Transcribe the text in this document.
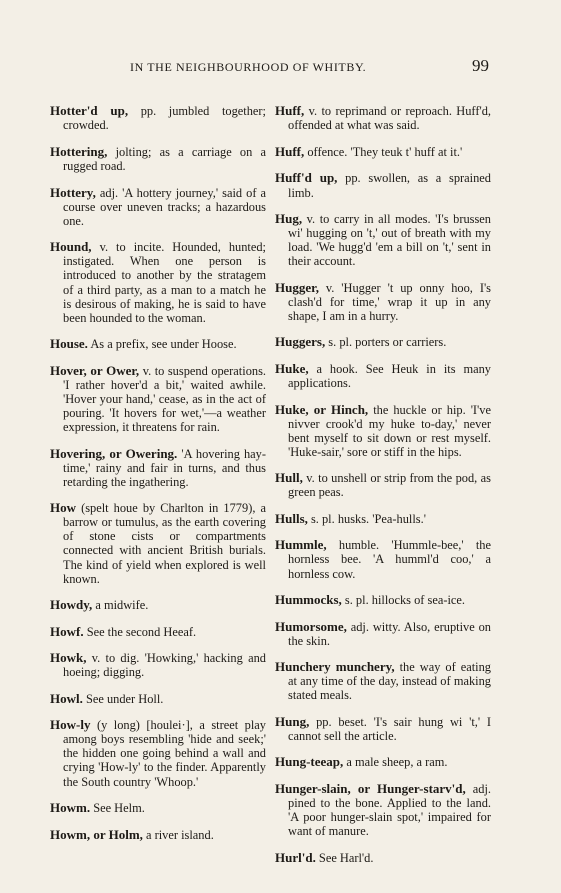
IN THE NEIGHBOURHOOD OF WHITBY.	99

Hotter'd up, pp. jumbled together; crowded.

Hottering, jolting; as a carriage on a rugged road.

Hottery, adj. 'A hottery journey,' said of a course over uneven tracks; a hazardous one.

Hound, v. to incite. Hounded, hunted; instigated. When one person is introduced to another by the stratagem of a third party, as a man to a match he is desirous of making, he is said to have been hounded to the woman.

House. As a prefix, see under Hoose.

Hover, or Ower, v. to suspend operations. 'I rather hover'd a bit,' waited awhile. 'Hover your hand,' cease, as in the act of pouring. 'It hovers for wet,'—a weather expression, it threatens for rain.

Hovering, or Owering. 'A hovering hay-time,' rainy and fair in turns, and thus retarding the ingathering.

How (spelt houe by Charlton in 1779), a barrow or tumulus, as the earth covering of stone cists or compartments connected with ancient British burials. The kind of yield when explored is well known.

Howdy, a midwife.

Howf. See the second Heeaf.

Howk, v. to dig. 'Howking,' hacking and hoeing; digging.

Howl. See under Holl.

How-ly (y long) [houlei·], a street play among boys resembling 'hide and seek;' the hidden one going behind a wall and crying 'How-ly' to the finder. Apparently the South country 'Whoop.'

Howm. See Helm.

Howm, or Holm, a river island.

Huff, v. to reprimand or reproach. Huff'd, offended at what was said.

Huff, offence. 'They teuk t' huff at it.'

Huff'd up, pp. swollen, as a sprained limb.

Hug, v. to carry in all modes. 'I's brussen wi' hugging on 't,' out of breath with my load. 'We hugg'd 'em a bill on 't,' sent in their account.

Hugger, v. 'Hugger 't up onny hoo, I's clash'd for time,' wrap it up in any shape, I am in a hurry.

Huggers, s. pl. porters or carriers.

Huke, a hook. See Heuk in its many applications.

Huke, or Hinch, the huckle or hip. 'I've nivver crook'd my huke to-day,' never bent myself to sit down or rest myself. 'Huke-sair,' sore or stiff in the hips.

Hull, v. to unshell or strip from the pod, as green peas.

Hulls, s. pl. husks. 'Pea-hulls.'

Hummle, humble. 'Hummle-bee,' the hornless bee. 'A humml'd coo,' a hornless cow.

Hummocks, s. pl. hillocks of sea-ice.

Humorsome, adj. witty. Also, eruptive on the skin.

Hunchery munchery, the way of eating at any time of the day, instead of making stated meals.

Hung, pp. beset. 'I's sair hung wi 't,' I cannot sell the article.

Hung-teeap, a male sheep, a ram.

Hunger-slain, or Hunger-starv'd, adj. pined to the bone. Applied to the land. 'A poor hunger-slain spot,' impaired for want of manure.

Hurl'd. See Harl'd.
